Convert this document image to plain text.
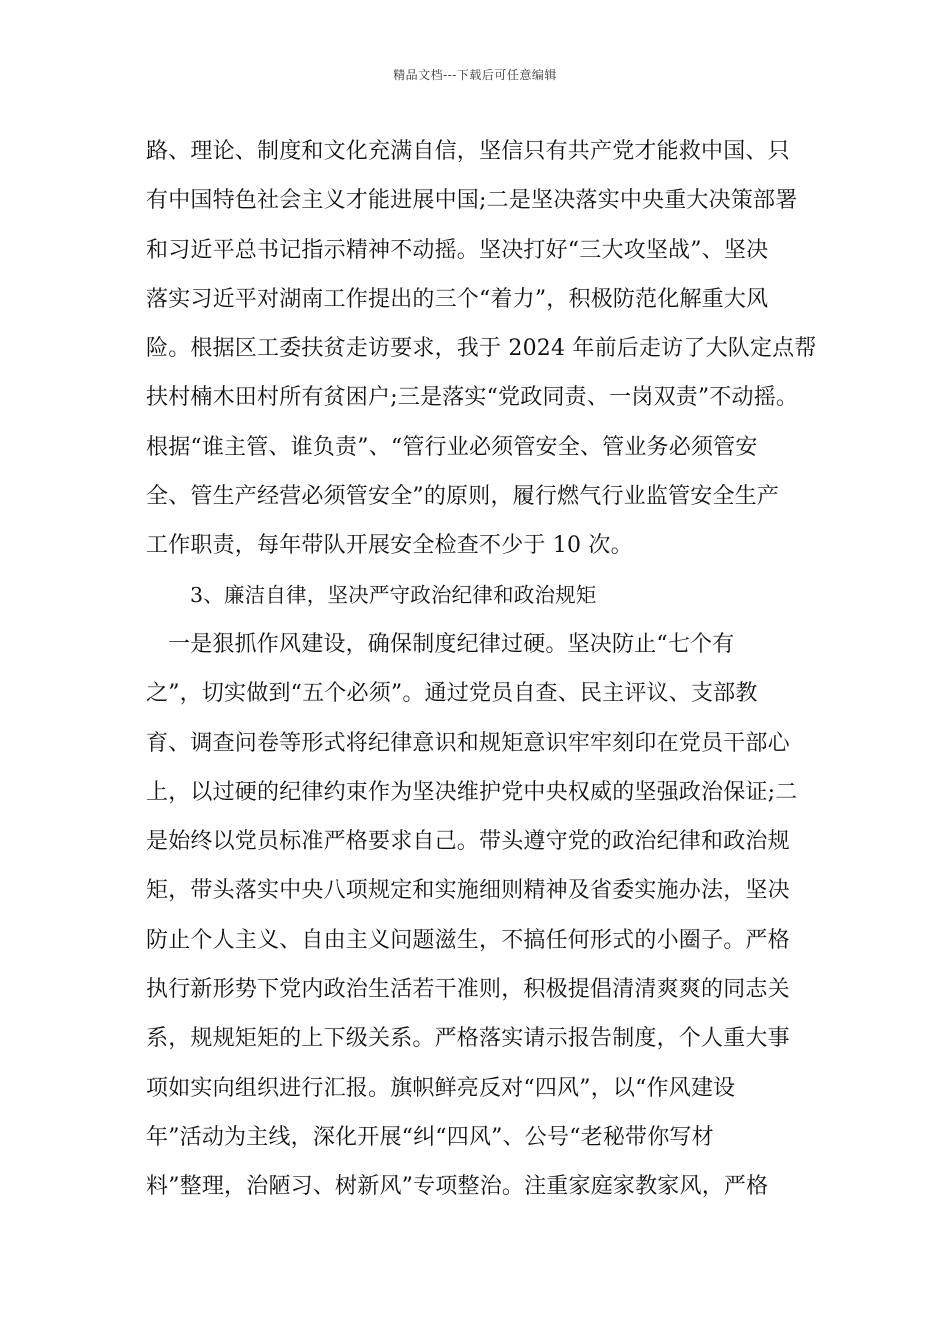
精品文档---下载后可任意编辑
路、理论、制度和文化充满自信，坚信只有共产党才能救中国、只
有中国特色社会主义才能进展中国;二是坚决落实中央重大决策部署
和习近平总书记指示精神不动摇。坚决打好“三大攻坚战”、坚决
落实习近平对湖南工作提出的三个“着力”，积极防范化解重大风
险。根据区工委扶贫走访要求，我于 2024 年前后走访了大队定点帮
扶村楠木田村所有贫困户;三是落实“党政同责、一岗双责”不动摇。
根据“谁主管、谁负责”、“管行业必须管安全、管业务必须管安
全、管生产经营必须管安全”的原则，履行燃气行业监管安全生产
工作职责，每年带队开展安全检查不少于 10 次。
3、廉洁自律，坚决严守政治纪律和政治规矩
一是狠抓作风建设，确保制度纪律过硬。坚决防止“七个有
之”，切实做到“五个必须”。通过党员自查、民主评议、支部教
育、调查问卷等形式将纪律意识和规矩意识牢牢刻印在党员干部心
上，以过硬的纪律约束作为坚决维护党中央权威的坚强政治保证;二
是始终以党员标准严格要求自己。带头遵守党的政治纪律和政治规
矩，带头落实中央八项规定和实施细则精神及省委实施办法，坚决
防止个人主义、自由主义问题滋生，不搞任何形式的小圈子。严格
执行新形势下党内政治生活若干准则，积极提倡清清爽爽的同志关
系，规规矩矩的上下级关系。严格落实请示报告制度，个人重大事
项如实向组织进行汇报。旗帜鲜亮反对“四风”，以“作风建设
年”活动为主线，深化开展“纠“四风”、公号“老秘带你写材
料”整理，治陋习、树新风”专项整治。注重家庭家教家风，严格
